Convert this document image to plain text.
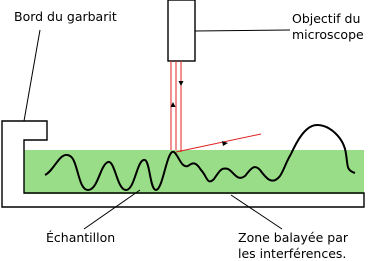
Bord du garbarit	Objectif du
microscope
Échantillon	Zone balayée par
les interférences.
